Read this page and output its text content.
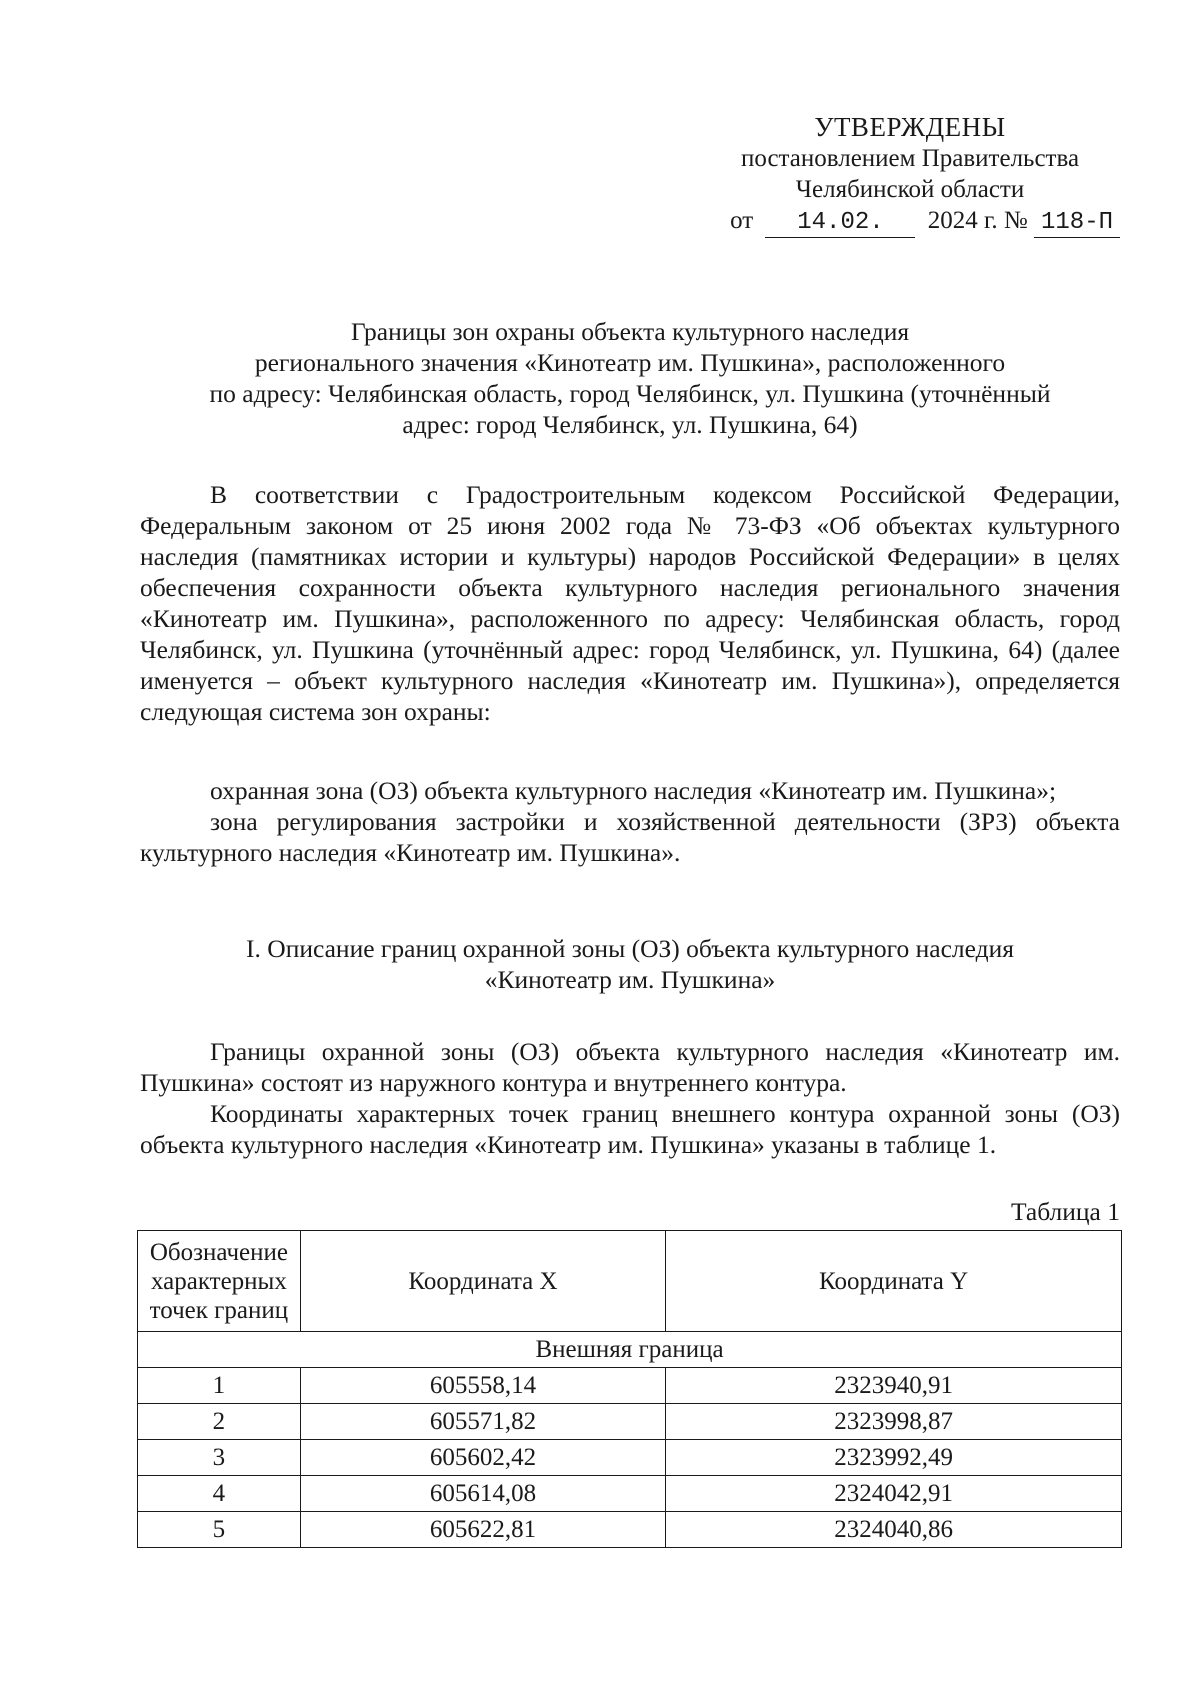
УТВЕРЖДЕНЫ
постановлением Правительства
Челябинской области
от 14.02. 2024 г. № 118-П
Границы зон охраны объекта культурного наследия
регионального значения «Кинотеатр им. Пушкина», расположенного
по адресу: Челябинская область, город Челябинск, ул. Пушкина (уточнённый
адрес: город Челябинск, ул. Пушкина, 64)

В соответствии с Градостроительным кодексом Российской Федерации, Федеральным законом от 25 июня 2002 года № 73-ФЗ «Об объектах культурного наследия (памятниках истории и культуры) народов Российской Федерации» в целях обеспечения сохранности объекта культурного наследия регионального значения «Кинотеатр им. Пушкина», расположенного по адресу: Челябинская область, город Челябинск, ул. Пушкина (уточнённый адрес: город Челябинск, ул. Пушкина, 64) (далее именуется – объект культурного наследия «Кинотеатр им. Пушкина»), определяется следующая система зон охраны:

охранная зона (ОЗ) объекта культурного наследия «Кинотеатр им. Пушкина»;

зона регулирования застройки и хозяйственной деятельности (ЗРЗ) объекта культурного наследия «Кинотеатр им. Пушкина».

I. Описание границ охранной зоны (ОЗ) объекта культурного наследия
«Кинотеатр им. Пушкина»

Границы охранной зоны (ОЗ) объекта культурного наследия «Кинотеатр им. Пушкина» состоят из наружного контура и внутреннего контура.

Координаты характерных точек границ внешнего контура охранной зоны (ОЗ) объекта культурного наследия «Кинотеатр им. Пушкина» указаны в таблице 1.

Таблица 1
Обозначение
характерных
точек границ	Координата X	Координата Y
Внешняя граница		
1	605558,14	2323940,91
2	605571,82	2323998,87
3	605602,42	2323992,49
4	605614,08	2324042,91
5	605622,81	2324040,86
